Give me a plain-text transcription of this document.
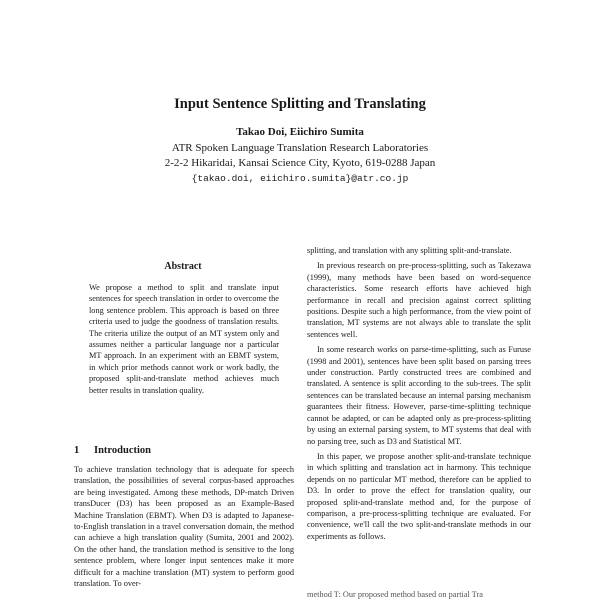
Input Sentence Splitting and Translating
Takao Doi, Eiichiro Sumita
ATR Spoken Language Translation Research Laboratories
2-2-2 Hikaridai, Kansai Science City, Kyoto, 619-0288 Japan
{takao.doi, eiichiro.sumita}@atr.co.jp
Abstract

We propose a method to split and translate input sentences for speech translation in order to overcome the long sentence problem. This approach is based on three criteria used to judge the goodness of translation results. The criteria utilize the output of an MT system only and assumes neither a particular language nor a particular MT approach. In an experiment with an EBMT system, in which prior methods cannot work or work badly, the proposed split-and-translate method achieves much better results in translation quality.

1 Introduction

To achieve translation technology that is adequate for speech translation, the possibilities of several corpus-based approaches are being investigated. Among these methods, DP-match Driven transDucer (D3) has been proposed as an Example-Based Machine Translation (EBMT). When D3 is adapted to Japanese-to-English translation in a travel conversation domain, the method can achieve a high translation quality (Sumita, 2001 and 2002). On the other hand, the translation method is sensitive to the long sentence problem, where longer input sentences make it more difficult for a machine translation (MT) system to perform good translation. To over-

splitting, and translation with any splitting split-and-translate.

In previous research on pre-process-splitting, such as Takezawa (1999), many methods have been based on word-sequence characteristics. Some research efforts have achieved high performance in recall and precision against correct splitting positions. Despite such a high performance, from the view point of translation, MT systems are not always able to translate the split sentences well.

In some research works on parse-time-splitting, such as Furuse (1998 and 2001), sentences have been split based on parsing trees under construction. Partly constructed trees are combined and translated. A sentence is split according to the sub-trees. The split sentences can be translated because an internal parsing mechanism guarantees their fitness. However, parse-time-splitting technique cannot be adapted, or can be adapted only as pre-process-splitting by using an external parsing system, to MT systems that deal with no parsing tree, such as D3 and Statistical MT.

In this paper, we propose another split-and-translate technique in which splitting and translation act in harmony. This technique depends on no particular MT method, therefore can be applied to D3. In order to prove the effect for translation quality, our proposed split-and-translate method and, for the purpose of comparison, a pre-process-splitting technique are evaluated. For convenience, we'll call the two split-and-translate methods in our experiments as follows.

method T: Our proposed method based on partial Tra
